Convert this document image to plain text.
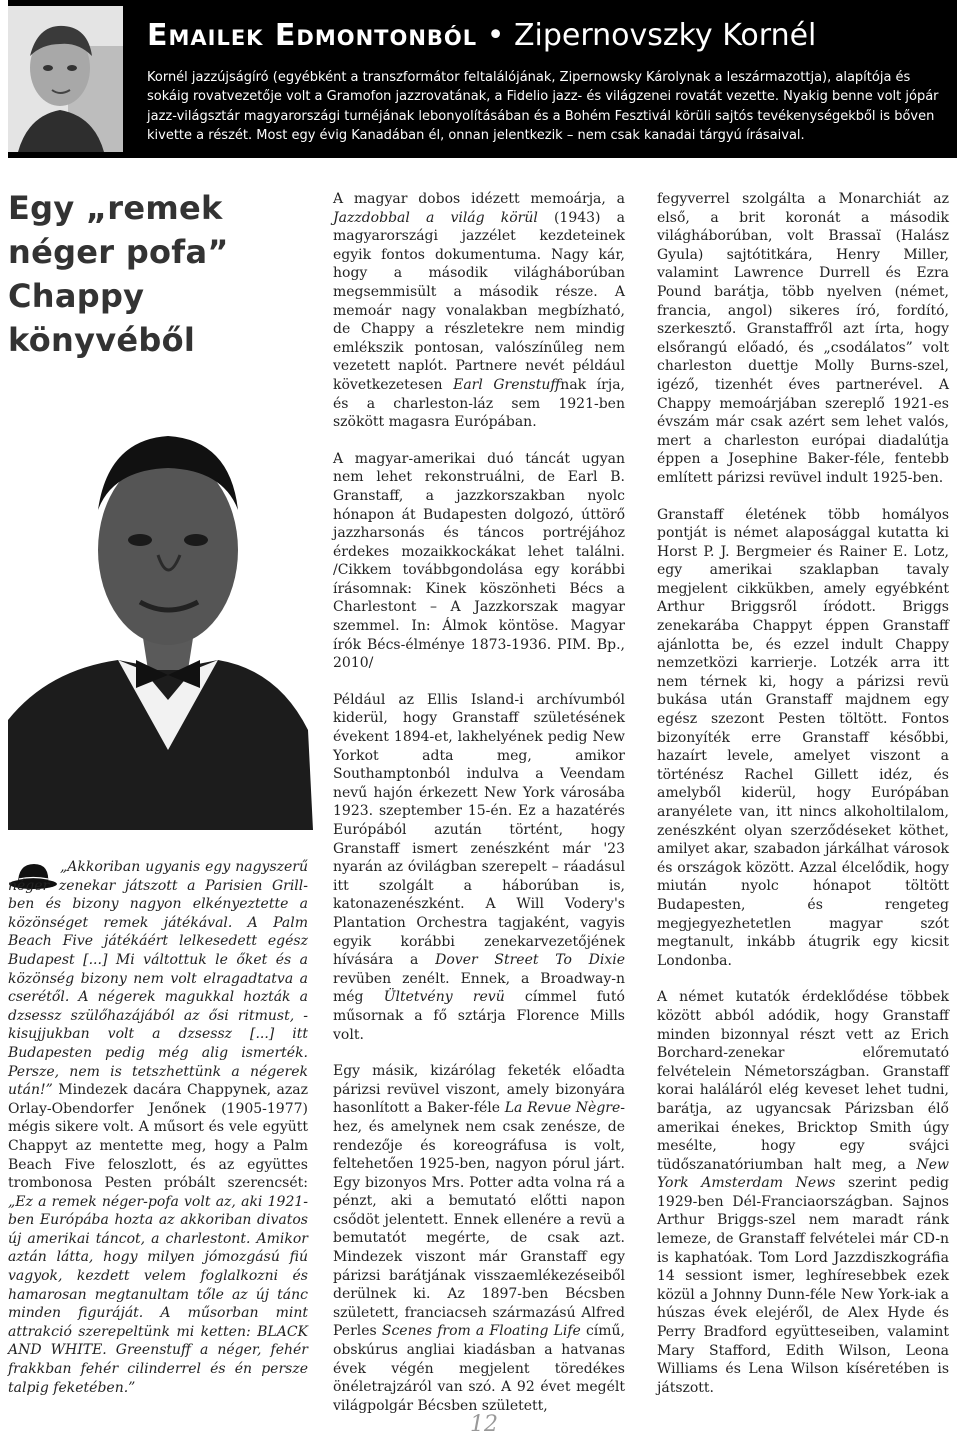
Emailek Edmontonból • Zipernovszky Kornél
Kornél jazzújságíró (egyébként a transzformátor feltalálójának, Zipernowsky Károlynak a leszármazottja), alapítója és sokáig rovatvezetője volt a Gramofon jazzrovatának, a Fidelio jazz- és világzenei rovatát vezette. Nyakig benne volt jópár jazz-világsztár magyarországi turnéjának lebonyolításában és a Bohém Fesztivál körüli sajtós tevékenységekből is bőven kivette a részét. Most egy évig Kanadában él, onnan jelentkezik – nem csak kanadai tárgyú írásaival.
Egy „remek néger pofa” Chappy könyvéből
„Akkoriban ugyanis egy nagyszerű néger zenekar játszott a Parisien Grill-ben és bizony nagyon elkényeztette a közönséget remek játékával. A Palm Beach Five játékáért lelkesedett egész Budapest [...] Mi váltottuk le őket és a közönség bizony nem volt elragadtatva a cserétől. A négerek magukkal hozták a dzsessz szülőhazájából az ősi ritmust, - kisujjukban volt a dzsessz [...] itt Budapesten pedig még alig ismerték. Persze, nem is tetszhettünk a négerek után!” Mindezek dacára Chappynek, azaz Orlay-Obendorfer Jenőnek (1905-1977) mégis sikere volt. A műsort és vele együtt Chappyt az mentette meg, hogy a Palm Beach Five feloszlott, és az együttes trombonosa Pesten próbált szerencsét: „Ez a remek néger-pofa volt az, aki 1921-ben Európába hozta az akkoriban divatos új amerikai táncot, a charlestont. Amikor aztán látta, hogy milyen jómozgású fiú vagyok, kezdett velem foglalkozni és hamarosan megtanultam tőle az új tánc minden figuráját. A műsorban mint attrakció szerepeltünk mi ketten: BLACK AND WHITE. Greenstuff a néger, fehér frakkban fehér cilinderrel és én persze talpig feketében.”

A magyar dobos idézett memoárja, a Jazzdobbal a világ körül (1943) a magyarországi jazzélet kezdeteinek egyik fontos dokumentuma. Nagy kár, hogy a második világháborúban megsemmisült a második része. A memoár nagy vonalakban megbízható, de Chappy a részletekre nem mindig emlékszik pontosan, valószínűleg nem vezetett naplót. Partnere nevét például következetesen Earl Grenstuffnak írja, és a charleston-láz sem 1921-ben szökött magasra Európában.

A magyar-amerikai duó táncát ugyan nem lehet rekonstruálni, de Earl B. Granstaff, a jazzkorszakban nyolc hónapon át Budapesten dolgozó, úttörő jazzharsonás és táncos portréjához érdekes mozaikkockákat lehet találni. /Cikkem továbbgondolása egy korábbi írásomnak: Kinek köszönheti Bécs a Charlestont – A Jazzkorszak magyar szemmel. In: Álmok köntöse. Magyar írók Bécs-élménye 1873-1936. PIM. Bp., 2010/

Például az Ellis Island-i archívumból kiderül, hogy Granstaff születésének évekent 1894-et, lakhelyének pedig New Yorkot adta meg, amikor Southamptonból indulva a Veendam nevű hajón érkezett New York városába 1923. szeptember 15-én. Ez a hazatérés Európából azután történt, hogy Granstaff ismert zenészként már '23 nyarán az óvilágban szerepelt – ráadásul itt szolgált a háborúban is, katonazenészként. A Will Vodery's Plantation Orchestra tagjaként, vagyis egyik korábbi zenekarvezetőjének hívására a Dover Street To Dixie revüben zenélt. Ennek, a Broadway-n még Ültetvény revü címmel futó műsornak a fő sztárja Florence Mills volt.

Egy másik, kizárólag feketék előadta párizsi revüvel viszont, amely bizonyára hasonlított a Baker-féle La Revue Nègre-hez, és amelynek nem csak zenésze, de rendezője és koreográfusa is volt, feltehetően 1925-ben, nagyon pórul járt. Egy bizonyos Mrs. Potter adta volna rá a pénzt, aki a bemutató előtti napon csődöt jelentett. Ennek ellenére a revü a bemutatót megérte, de csak azt. Mindezek viszont már Granstaff egy párizsi barátjának visszaemlékezéseiből derülnek ki. Az 1897-ben Bécsben született, franciacseh származású Alfred Perles Scenes from a Floating Life című, obskúrus angliai kiadásban a hatvanas évek végén megjelent töredékes önéletrajzáról van szó. A 92 évet megélt világpolgár Bécsben született,

fegyverrel szolgálta a Monarchiát az első, a brit koronát a második világháborúban, volt Brassaï (Halász Gyula) sajtótitkára, Henry Miller, valamint Lawrence Durrell és Ezra Pound barátja, több nyelven (német, francia, angol) sikeres író, fordító, szerkesztő. Granstaffről azt írta, hogy elsőrangú előadó, és „csodálatos” volt charleston duettje Molly Burns-szel, igéző, tizenhét éves partnerével. A Chappy memoárjában szereplő 1921-es évszám már csak azért sem lehet valós, mert a charleston európai diadalútja éppen a Josephine Baker-féle, fentebb említett párizsi revüvel indult 1925-ben.

Granstaff életének több homályos pontját is német alaposággal kutatta ki Horst P. J. Bergmeier és Rainer E. Lotz, egy amerikai szaklapban tavaly megjelent cikkükben, amely egyébként Arthur Briggsről íródott. Briggs zenekarába Chappyt éppen Granstaff ajánlotta be, és ezzel indult Chappy nemzetközi karrierje. Lotzék arra itt nem térnek ki, hogy a párizsi revü bukása után Granstaff majdnem egy egész szezont Pesten töltött. Fontos bizonyíték erre Granstaff későbbi, hazaírt levele, amelyet viszont a történész Rachel Gillett idéz, és amelyből kiderül, hogy Európában aranyélete van, itt nincs alkoholtilalom, zenészként olyan szerződéseket köthet, amilyet akar, szabadon járkálhat városok és országok között. Azzal élcelődik, hogy miután nyolc hónapot töltött Budapesten, és rengeteg megjegyezhetetlen magyar szót megtanult, inkább átugrik egy kicsit Londonba.

A német kutatók érdeklődése többek között abból adódik, hogy Granstaff minden bizonnyal részt vett az Erich Borchard-zenekar előremutató felvételein Németországban. Granstaff korai haláláról elég keveset lehet tudni, barátja, az ugyancsak Párizsban élő amerikai énekes, Bricktop Smith úgy mesélte, hogy egy svájci tüdőszanatóriumban halt meg, a New York Amsterdam News szerint pedig 1929-ben Dél-Franciaországban. Sajnos Arthur Briggs-szel nem maradt ránk lemeze, de Granstaff felvételei már CD-n is kaphatóak. Tom Lord Jazzdiszkográfia 14 sessiont ismer, leghíresebbek ezek közül a Johnny Dunn-féle New York-iak a húszas évek elejéről, de Alex Hyde és Perry Bradford együtteseiben, valamint Mary Stafford, Edith Wilson, Leona Williams és Lena Wilson kíséretében is játszott.

12
